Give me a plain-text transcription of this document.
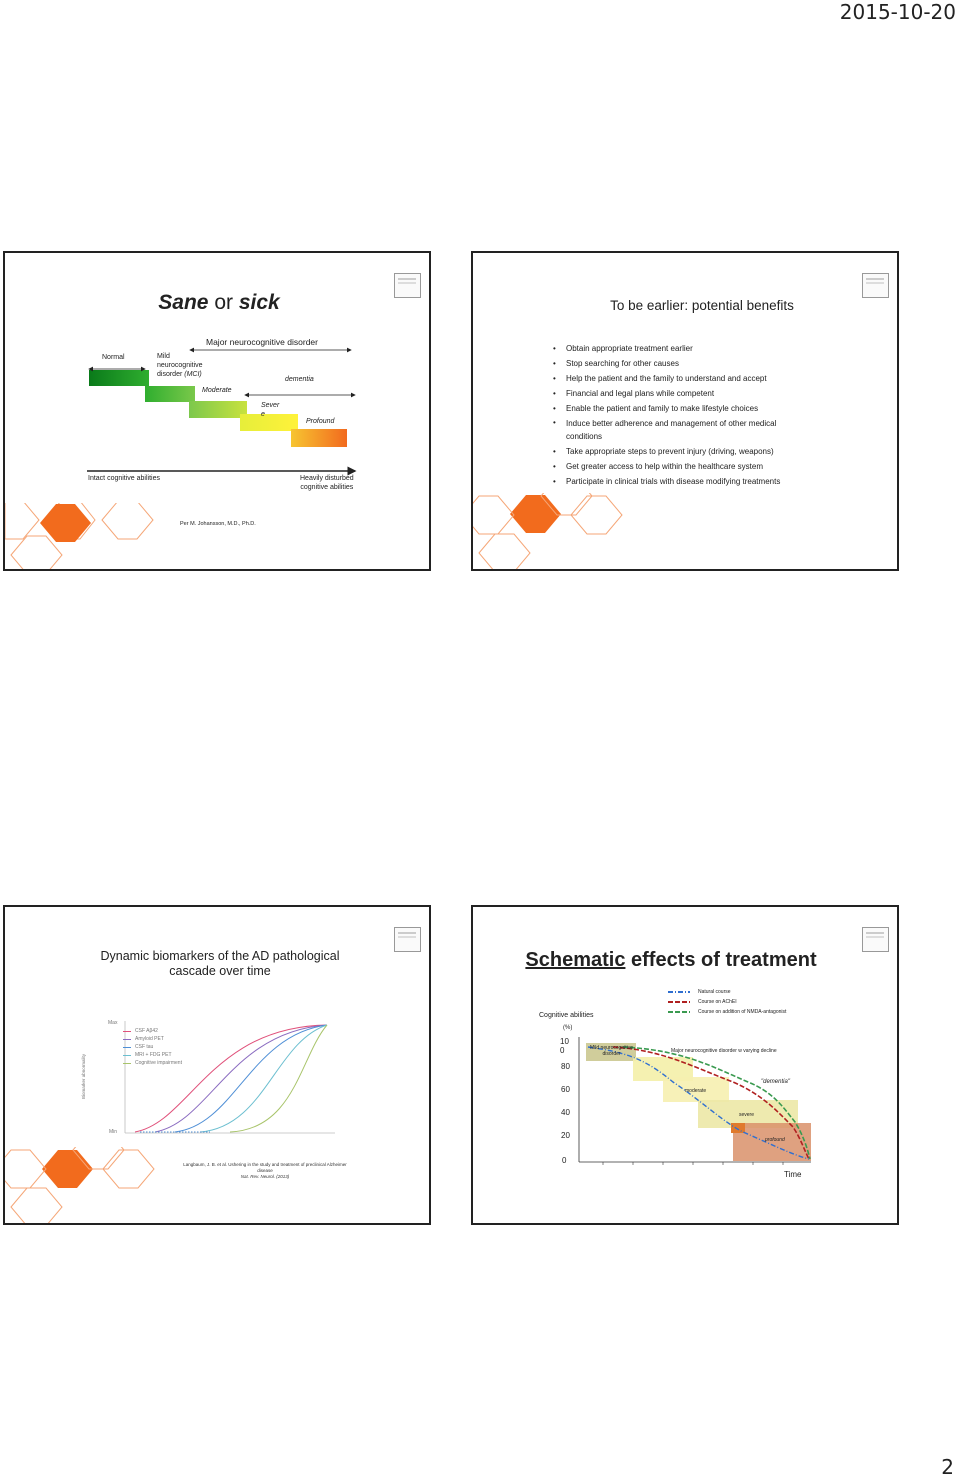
2015-10-20
Sane or sick
Normal	Mild
neurocognitive
disorder (MCI)
Major neurocognitive disorder
dementia
Moderate
Sever
e
Profound
Intact cognitive abilities	Heavily disturbed
cognitive abilities
Per M. Johansson, M.D., Ph.D.
To be earlier: potential benefits
• Obtain appropriate treatment earlier
• Stop searching for other causes
• Help the patient and the family to understand and accept
• Financial and legal plans while competent
• Enable the patient and family to make lifestyle choices
• Induce better adherence and management of other medical conditions
• Take appropriate steps to prevent injury (driving, weapons)
• Get greater access to help within the healthcare system
• Participate in clinical trials with disease modifying treatments
Dynamic biomarkers of the AD pathological
cascade over time
Max
Min
Biomarker abnormality
CSF Aβ42
Amyloid PET
CSF tau
MRI + FDG PET
Cognitive impairment
Langbaum, J. B. et al. Ushering in the study and treatment of preclinical Alzheimer disease
Nat. Rev. Neurol. (2013)
Schematic effects of treatment
Natural course
Course on AChEI
Course on addition of NMDA-antagonist
Cognitive abilities
(%)
10
0
80
60
40
20
0
Time
Mild neurocognitive
disorder
Major neurocognitive disorder w varying decline
"dementia"
moderate
severe
profound
2
